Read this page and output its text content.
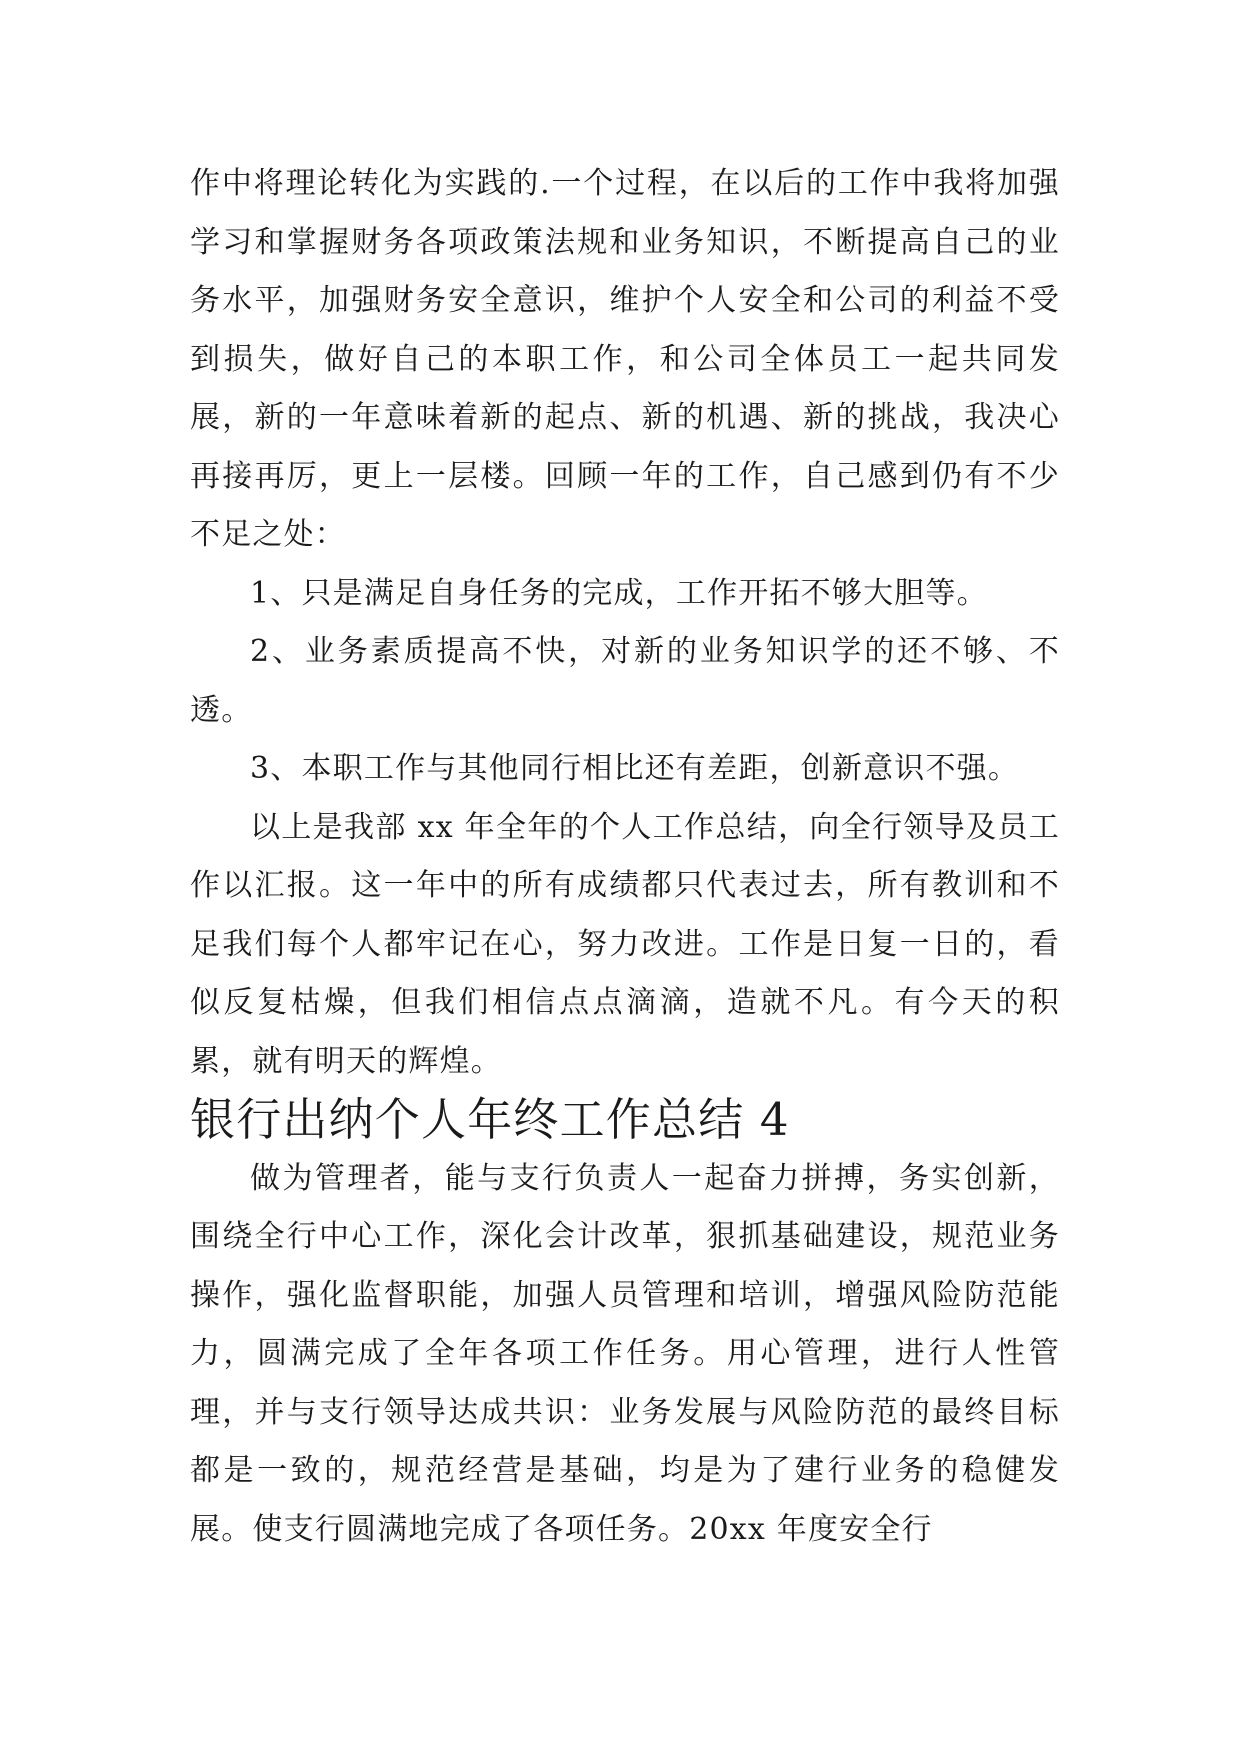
作中将理论转化为实践的.一个过程，在以后的工作中我将加强学习和掌握财务各项政策法规和业务知识，不断提高自己的业务水平，加强财务安全意识，维护个人安全和公司的利益不受到损失，做好自己的本职工作，和公司全体员工一起共同发展，新的一年意味着新的起点、新的机遇、新的挑战，我决心再接再厉，更上一层楼。回顾一年的工作，自己感到仍有不少不足之处：

1、只是满足自身任务的完成，工作开拓不够大胆等。

2、业务素质提高不快，对新的业务知识学的还不够、不透。

3、本职工作与其他同行相比还有差距，创新意识不强。

以上是我部 xx 年全年的个人工作总结，向全行领导及员工作以汇报。这一年中的所有成绩都只代表过去，所有教训和不足我们每个人都牢记在心，努力改进。工作是日复一日的，看似反复枯燥，但我们相信点点滴滴，造就不凡。有今天的积累，就有明天的辉煌。

银行出纳个人年终工作总结 4

做为管理者，能与支行负责人一起奋力拼搏，务实创新，围绕全行中心工作，深化会计改革，狠抓基础建设，规范业务操作，强化监督职能，加强人员管理和培训，增强风险防范能力，圆满完成了全年各项工作任务。用心管理，进行人性管理，并与支行领导达成共识：业务发展与风险防范的最终目标都是一致的，规范经营是基础，均是为了建行业务的稳健发展。使支行圆满地完成了各项任务。20xx 年度安全行
